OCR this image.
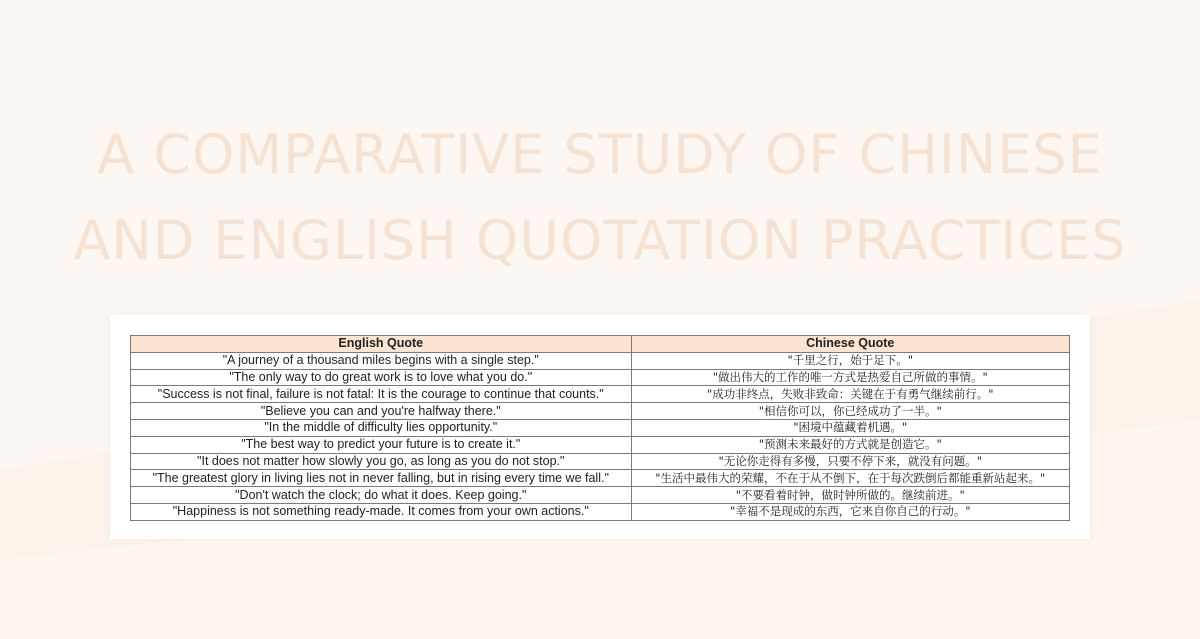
A COMPARATIVE STUDY OF CHINESE
AND ENGLISH QUOTATION PRACTICES
English Quote	Chinese Quote
"A journey of a thousand miles begins with a single step."	"千里之行，始于足下。"
"The only way to do great work is to love what you do."	"做出伟大的工作的唯一方式是热爱自己所做的事情。"
"Success is not final, failure is not fatal: It is the courage to continue that counts."	"成功非终点，失败非致命：关键在于有勇气继续前行。"
"Believe you can and you're halfway there."	"相信你可以，你已经成功了一半。"
"In the middle of difficulty lies opportunity."	"困境中蕴藏着机遇。"
"The best way to predict your future is to create it."	"预测未来最好的方式就是创造它。"
"It does not matter how slowly you go, as long as you do not stop."	"无论你走得有多慢，只要不停下来，就没有问题。"
"The greatest glory in living lies not in never falling, but in rising every time we fall."	"生活中最伟大的荣耀，不在于从不倒下，在于每次跌倒后都能重新站起来。"
"Don't watch the clock; do what it does. Keep going."	"不要看着时钟，做时钟所做的。继续前进。"
"Happiness is not something ready-made. It comes from your own actions."	"幸福不是现成的东西，它来自你自己的行动。"
